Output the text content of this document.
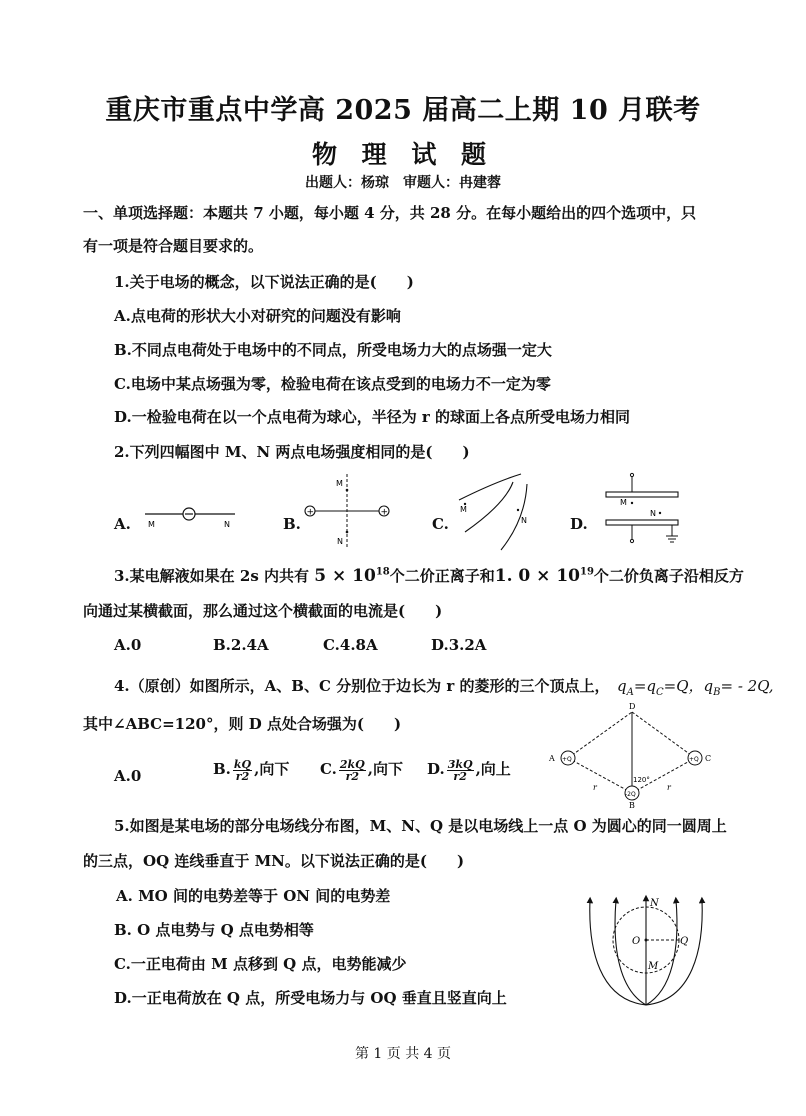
重庆市重点中学高 2025 届高二上期 10 月联考
物 理 试 题
出题人：杨琼　审题人：冉建蓉
一、单项选择题：本题共 7 小题，每小题 4 分，共 28 分。在每小题给出的四个选项中，只
有一项是符合题目要求的。
1.关于电场的概念，以下说法正确的是(　　)
A.点电荷的形状大小对研究的问题没有影响
B.不同点电荷处于电场中的不同点，所受电场力大的点场强一定大
C.电场中某点场强为零，检验电荷在该点受到的电场力不一定为零
D.一检验电荷在以一个点电荷为球心，半径为 r 的球面上各点所受电场力相同
2.下列四幅图中 M、N 两点电场强度相同的是(　　)
A.	B.	C.	D.
M	N
+	+
M
N
M
N
M
N
3.某电解液如果在 2s 内共有 $5 \times 10^{18}$个二价正离子和1. $0 \times 10^{19}$个二价负离子沿相反方
向通过某横截面，那么通过这个横截面的电流是(　　)
A.0	B.2.4A	C.4.8A	D.3.2A
4.（原创）如图所示，A、B、C 分别位于边长为 r 的菱形的三个顶点上，　$q_A=q_C=Q$，$q_B= - 2Q$,
其中∠ABC=120°，则 D 点处合场强为(　　)
A.0	B. $\frac{kQ}{r2}$ ,向下 C. $\frac{2kQ}{r2}$ ,向下 D. $\frac{3kQ}{r2}$ ,向上
+Q	+Q
-2Q
A	C
D
B
120°
r	r
5.如图是某电场的部分电场线分布图，M、N、Q 是以电场线上一点 O 为圆心的同一圆周上
的三点，OQ 连线垂直于 MN。以下说法正确的是(　　)
A. MO 间的电势差等于 ON 间的电势差
B. O 点电势与 Q 点电势相等
C.一正电荷由 M 点移到 Q 点，电势能减少
D.一正电荷放在 Q 点，所受电场力与 OQ 垂直且竖直向上
N
O	Q
M
第 1 页 共 4 页
